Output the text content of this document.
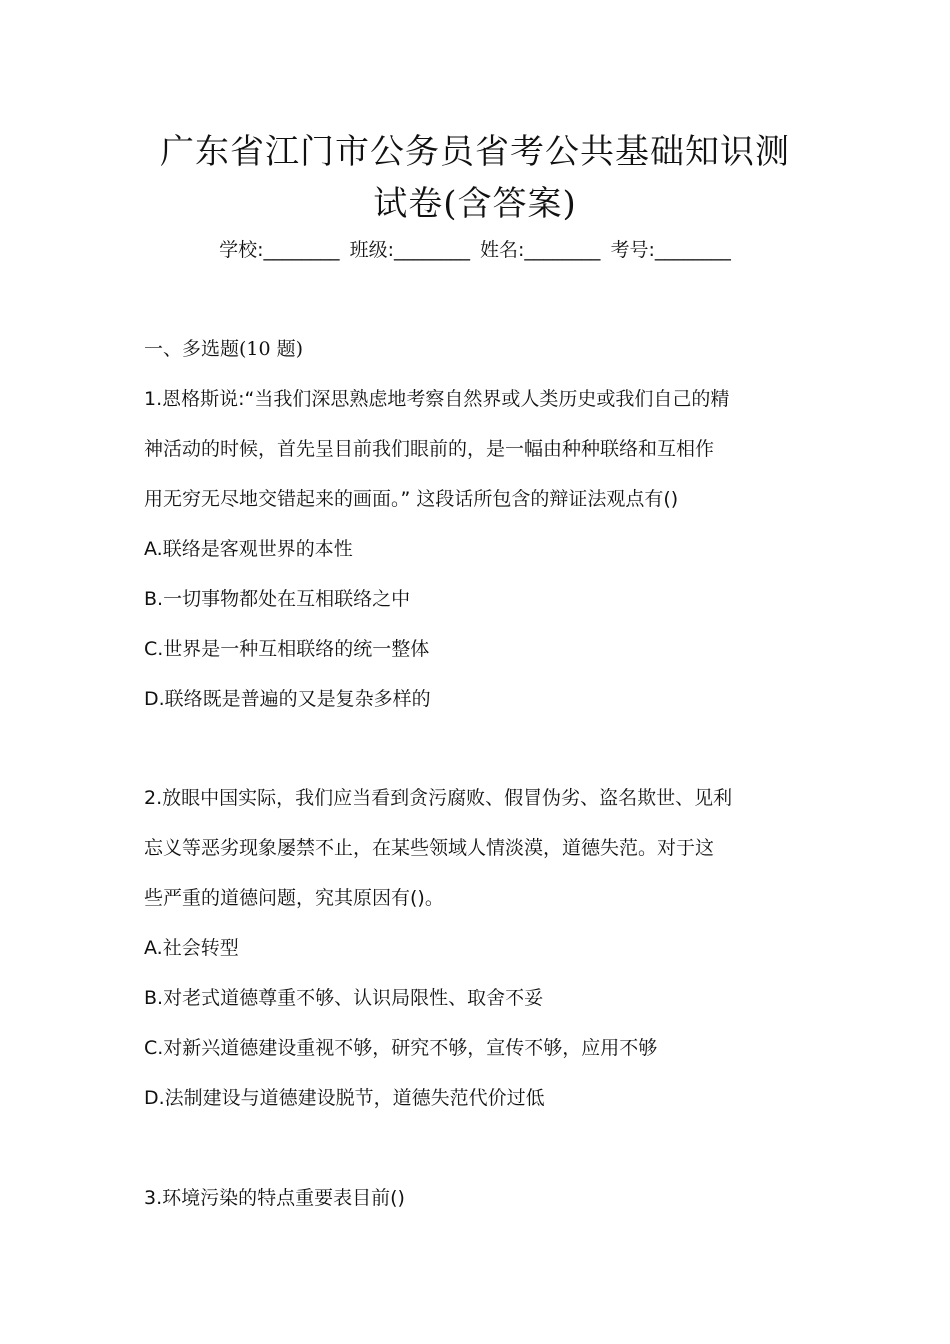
广东省江门市公务员省考公共基础知识测
试卷(含答案)
学校:________ 班级:________ 姓名:________ 考号:________
一、多选题(10 题)
1.恩格斯说:“当我们深思熟虑地考察自然界或人类历史或我们自己的精
神活动的时候，首先呈目前我们眼前的，是一幅由种种联络和互相作
用无穷无尽地交错起来的画面。” 这段话所包含的辩证法观点有()
A.联络是客观世界的本性
B.一切事物都处在互相联络之中
C.世界是一种互相联络的统一整体
D.联络既是普遍的又是复杂多样的
2.放眼中国实际，我们应当看到贪污腐败、假冒伪劣、盗名欺世、见利
忘义等恶劣现象屡禁不止，在某些领域人情淡漠，道德失范。对于这
些严重的道德问题，究其原因有()。
A.社会转型
B.对老式道德尊重不够、认识局限性、取舍不妥
C.对新兴道德建设重视不够，研究不够，宣传不够，应用不够
D.法制建设与道德建设脱节，道德失范代价过低
3.环境污染的特点重要表目前()
